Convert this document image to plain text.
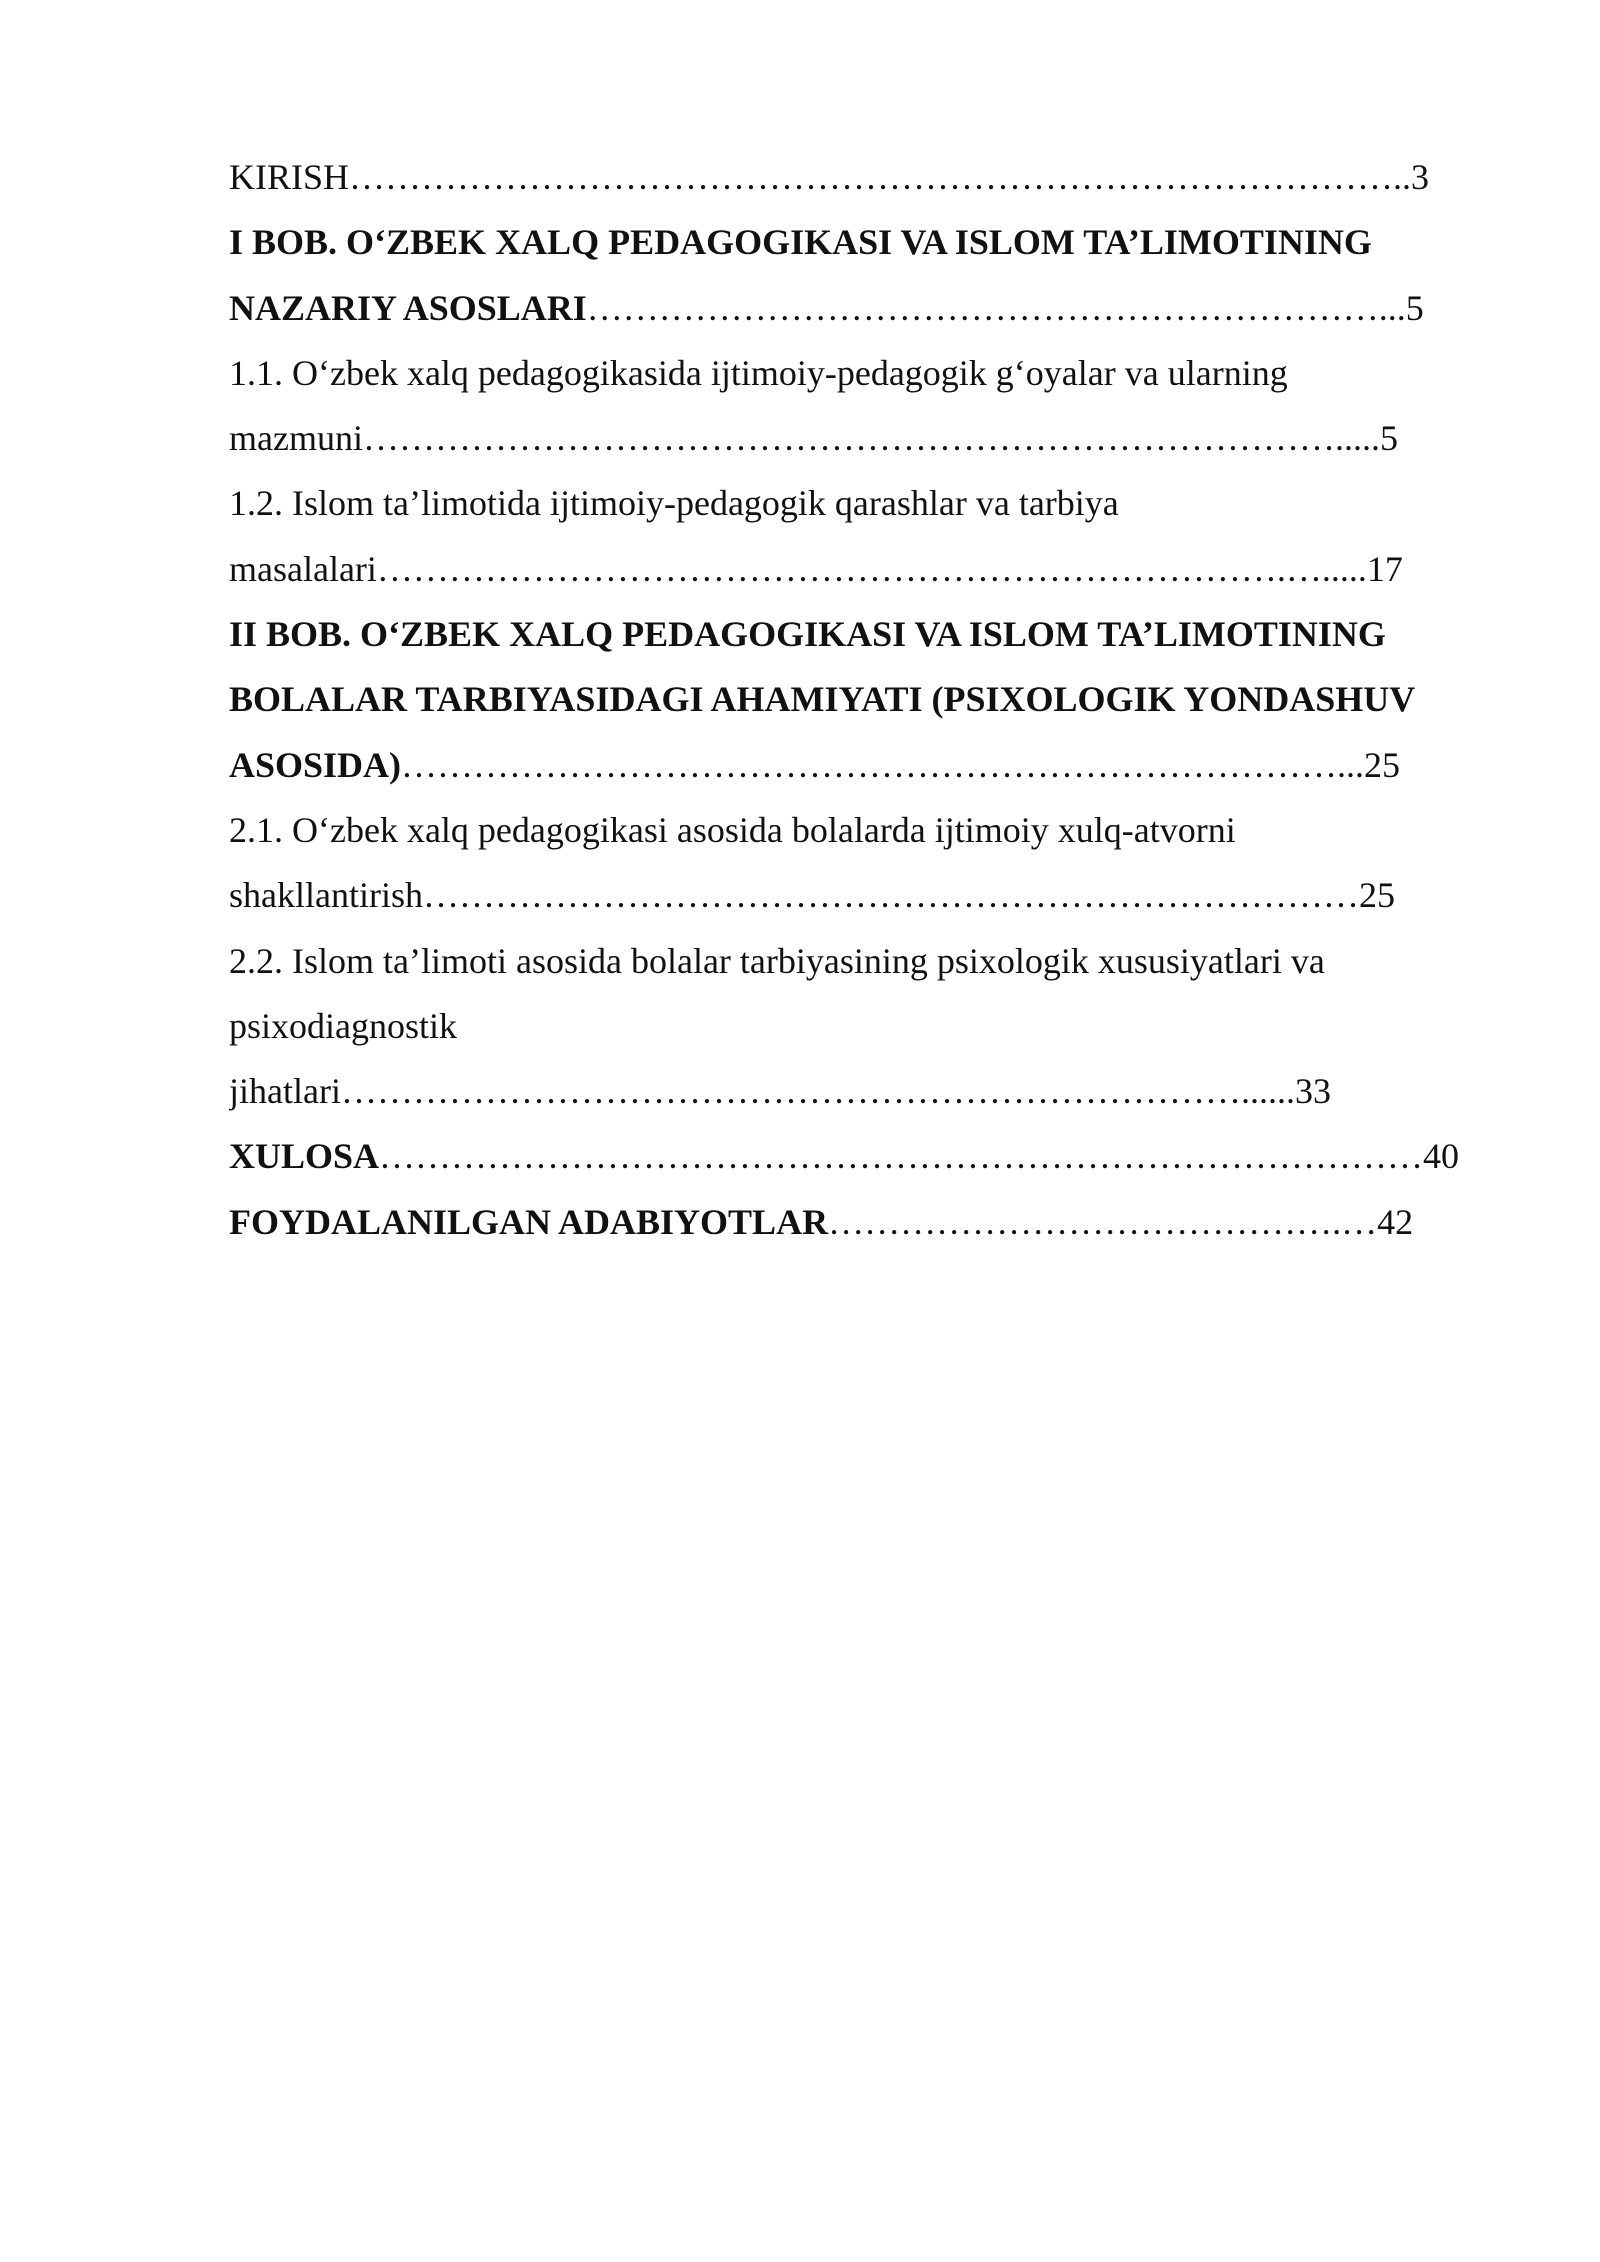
KIRISH……………………………………………………………………………..3
I BOB. O‘ZBEK XALQ PEDAGOGIKASI VA ISLOM TA’LIMOTINING
NAZARIY ASOSLARI…………………………………………………………...5
1.1. O‘zbek xalq pedagogikasida ijtimoiy-pedagogik g‘oyalar va ularning
mazmuni……………………………………………………………………….....5
1.2. Islom ta’limotida ijtimoiy-pedagogik qarashlar va tarbiya
masalalari………………………………………………………………….….....17
II BOB. O‘ZBEK XALQ PEDAGOGIKASI VA ISLOM TA’LIMOTINING
BOLALAR TARBIYASIDAGI AHAMIYATI (PSIXOLOGIK YONDASHUV
ASOSIDA)……………………………………………………………………...25
2.1. O‘zbek xalq pedagogikasi asosida bolalarda ijtimoiy xulq-atvorni
shakllantirish……………………………………………………………………25
2.2. Islom ta’limoti asosida bolalar tarbiyasining psixologik xususiyatlari va
psixodiagnostik
jihatlari…………………………………………………………………......33
XULOSA……………………………………………………………………………40
FOYDALANILGAN ADABIYOTLAR…………………………………….…42
